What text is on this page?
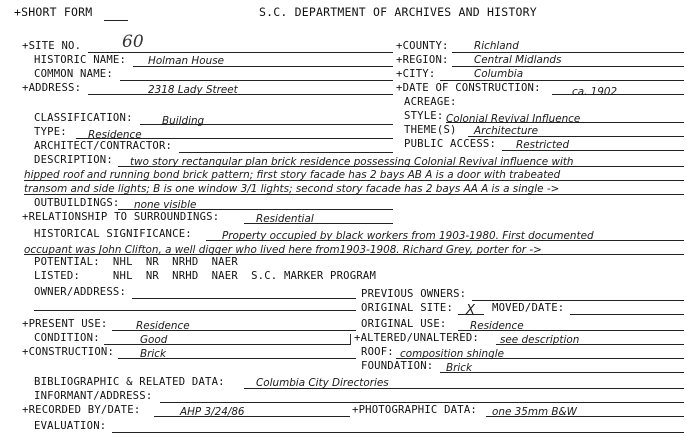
+SHORT FORM	S.C. DEPARTMENT OF ARCHIVES AND HISTORY
+SITE NO. 60	+COUNTY: Richland
HISTORIC NAME: Holman House	+REGION: Central Midlands
COMMON NAME:	+CITY:	Columbia
+ADDRESS:	2318 Lady Street	+DATE OF CONSTRUCTION:	ca. 1902
ACREAGE:
CLASSIFICATION:	Building	STYLE: Colonial Revival Influence
TYPE: Residence	THEME(S) Architecture
ARCHITECT/CONTRACTOR:	PUBLIC ACCESS: Restricted
DESCRIPTION: two story rectangular plan brick residence possessing Colonial Revival influence with
hipped roof and running bond brick pattern; first story facade has 2 bays AB A is a door with trabeated
transom and side lights; B is one window 3/1 lights; second story facade has 2 bays AA A is a single ->
OUTBUILDINGS: none visible
+RELATIONSHIP TO SURROUNDINGS:	Residential
HISTORICAL SIGNIFICANCE:	Property occupied by black workers from 1903-1980. First documented
occupant was John Clifton, a well digger who lived here from1903-1908. Richard Grey, porter for ->
POTENTIAL:  NHL  NR  NRHD  NAER
LISTED:     NHL  NR  NRHD  NAER  S.C. MARKER PROGRAM
OWNER/ADDRESS:	PREVIOUS OWNERS:
ORIGINAL SITE: X MOVED/DATE:
+PRESENT USE:	Residence	ORIGINAL USE: Residence
CONDITION:	Good	+ALTERED/UNALTERED: see description
+CONSTRUCTION: Brick	ROOF: composition shingle
FOUNDATION: Brick
BIBLIOGRAPHIC & RELATED DATA:	Columbia City Directories
INFORMANT/ADDRESS:
+RECORDED BY/DATE:	AHP 3/24/86	+PHOTOGRAPHIC DATA: one 35mm B&W
EVALUATION:
